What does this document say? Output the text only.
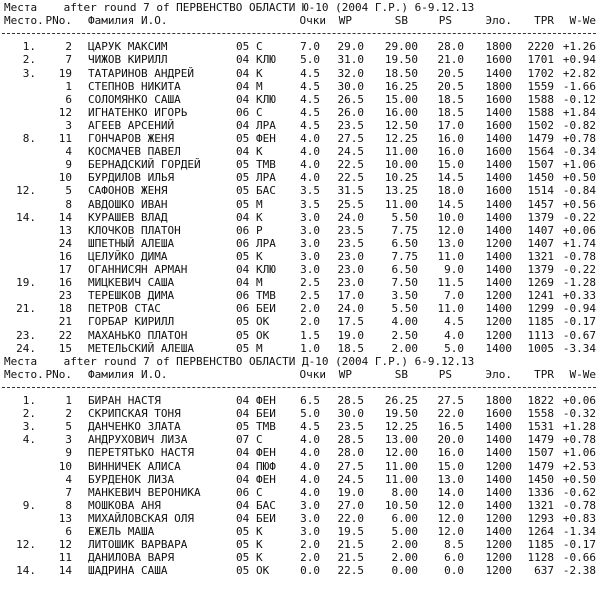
Места    after round 7 of ПЕРВЕНСТВО ОБЛАСТИ Ю-10 (2004 Г.Р.) 6-9.12.13
Место. PNo. Фамилия И.О.	Очки	WP	SB	PS	Эло.	TPR	W-We
1.	2 ЦАРУК МАКСИМ	05 С	7.0	29.0	29.00	28.0	1800	2220 +1.26
2.	7 ЧИЖОВ КИРИЛЛ	04 КЛЮ	5.0	31.0	19.50	21.0	1600	1701 +0.94
3.	19 ТАТАРИНОВ АНДРЕЙ	04 К	4.5	32.0	18.50	20.5	1400	1702 +2.82
1 СТЕПНОВ НИКИТА	04 М	4.5	30.0	16.25	20.5	1800	1559 -1.66
6 СОЛОМЯНКО САША	04 КЛЮ	4.5	26.5	15.00	18.5	1600	1588 -0.12
12 ИГНАТЕНКО ИГОРЬ	06 С	4.5	26.0	16.00	18.5	1400	1588 +1.84
3 АГЕЕВ АРСЕНИЙ	04 ЛРА	4.5	23.5	12.50	17.0	1600	1502 -0.82
8.	11 ГОНЧАРОВ ЖЕНЯ	05 ФЕН	4.0	27.5	12.25	16.0	1400	1479 +0.78
4 КОСМАЧЕВ ПАВЕЛ	04 К	4.0	24.5	11.00	16.0	1600	1564 -0.34
9 БЕРНАДСКИЙ ГОРДЕЙ	05 ТМВ	4.0	22.5	10.00	15.0	1400	1507 +1.06
10 БУРДИЛОВ ИЛЬЯ	05 ЛРА	4.0	22.5	10.25	14.5	1400	1450 +0.50
12.	5 САФОНОВ ЖЕНЯ	05 БАС	3.5	31.5	13.25	18.0	1600	1514 -0.84
8 АВДОШКО ИВАН	05 М	3.5	25.5	11.00	14.5	1400	1457 +0.56
14.	14 КУРАШЕВ ВЛАД	04 К	3.0	24.0	5.50	10.0	1400	1379 -0.22
13 КЛОЧКОВ ПЛАТОН	06 Р	3.0	23.5	7.75	12.0	1400	1407 +0.06
24 ШПЕТНЫЙ АЛЕША	06 ЛРА	3.0	23.5	6.50	13.0	1200	1407 +1.74
16 ЦЕЛУЙКО ДИМА	05 К	3.0	23.0	7.75	11.0	1400	1321 -0.78
17 ОГАННИСЯН АРМАН	04 КЛЮ	3.0	23.0	6.50	9.0	1400	1379 -0.22
19.	16 МИЦКЕВИЧ САША	04 М	2.5	23.0	7.50	11.5	1400	1269 -1.28
23 ТЕРЕШКОВ ДИМА	06 ТМВ	2.5	17.0	3.50	7.0	1200	1241 +0.33
21.	18 ПЕТРОВ СТАС	06 БЕИ	2.0	24.0	5.50	11.0	1400	1299 -0.94
21 ГОРБАР КИРИЛЛ	05 ОК	2.0	17.5	4.00	4.5	1200	1185 -0.17
23.	22 МАХАНЬКО ПЛАТОН	05 ОК	1.5	19.0	2.50	4.0	1200	1113 -0.67
24.	15 МЕТЕЛЬСКИЙ АЛЕША	05 М	1.0	18.5	2.00	5.0	1400	1005 -3.34
Места    after round 7 of ПЕРВЕНСТВО ОБЛАСТИ Д-10 (2004 Г.Р.) 6-9.12.13
Место. PNo. Фамилия И.О.	Очки	WP	SB	PS	Эло.	TPR	W-We
1.	1 БИРАН НАСТЯ	04 ФЕН	6.5	28.5	26.25	27.5	1800	1822 +0.06
2.	2 СКРИПСКАЯ ТОНЯ	04 БЕИ	5.0	30.0	19.50	22.0	1600	1558 -0.32
3.	5 ДАНЧЕНКО ЗЛАТА	05 ТМВ	4.5	23.5	12.25	16.5	1400	1531 +1.28
4.	3 АНДРУХОВИЧ ЛИЗА	07 С	4.0	28.5	13.00	20.0	1400	1479 +0.78
9 ПЕРЕТЯТЬКО НАСТЯ	04 ФЕН	4.0	28.0	12.00	16.0	1400	1507 +1.06
10 ВИННИЧЕК АЛИСА	04 ПЮФ	4.0	27.5	11.00	15.0	1200	1479 +2.53
4 БУРДЕНОК ЛИЗА	04 ФЕН	4.0	24.5	11.00	13.0	1400	1450 +0.50
7 МАНКЕВИЧ ВЕРОНИКА	06 С	4.0	19.0	8.00	14.0	1400	1336 -0.62
9.	8 МОШКОВА АНЯ	04 БАС	3.0	27.0	10.50	12.0	1400	1321 -0.78
13 МИХАЙЛОВСКАЯ ОЛЯ	04 БЕИ	3.0	22.0	6.00	12.0	1200	1293 +0.83
6 ЕЖЕЛЬ МАША	05 К	3.0	19.5	5.00	12.0	1400	1264 -1.34
12.	12 ЛИТОШИК ВАРВАРА	05 К	2.0	21.5	2.00	8.5	1200	1185 -0.17
11 ДАНИЛОВА ВАРЯ	05 К	2.0	21.5	2.00	6.0	1200	1128 -0.66
14.	14 ШАДРИНА САША	05 ОК	0.0	22.5	0.00	0.0	1200	637 -2.38
